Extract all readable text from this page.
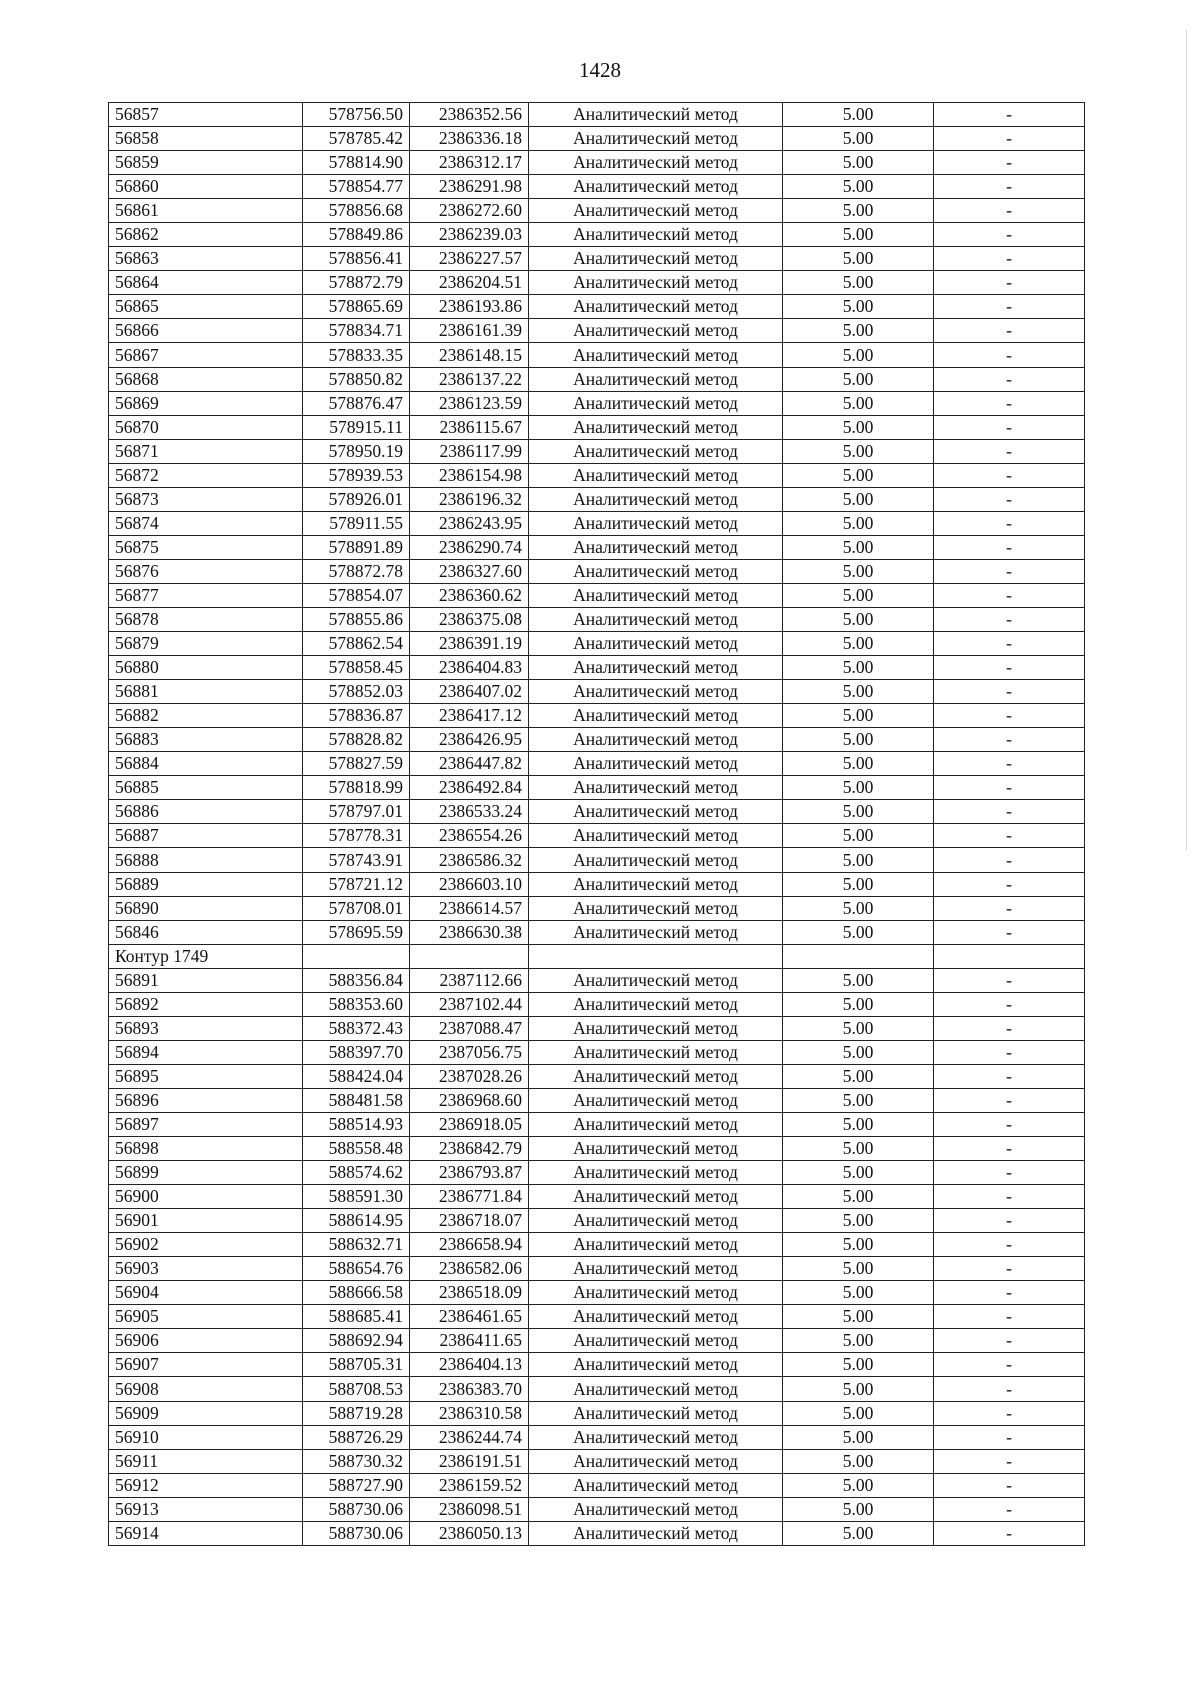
1428
56857	578756.50	2386352.56	Аналитический метод	5.00	-
56858	578785.42	2386336.18	Аналитический метод	5.00	-
56859	578814.90	2386312.17	Аналитический метод	5.00	-
56860	578854.77	2386291.98	Аналитический метод	5.00	-
56861	578856.68	2386272.60	Аналитический метод	5.00	-
56862	578849.86	2386239.03	Аналитический метод	5.00	-
56863	578856.41	2386227.57	Аналитический метод	5.00	-
56864	578872.79	2386204.51	Аналитический метод	5.00	-
56865	578865.69	2386193.86	Аналитический метод	5.00	-
56866	578834.71	2386161.39	Аналитический метод	5.00	-
56867	578833.35	2386148.15	Аналитический метод	5.00	-
56868	578850.82	2386137.22	Аналитический метод	5.00	-
56869	578876.47	2386123.59	Аналитический метод	5.00	-
56870	578915.11	2386115.67	Аналитический метод	5.00	-
56871	578950.19	2386117.99	Аналитический метод	5.00	-
56872	578939.53	2386154.98	Аналитический метод	5.00	-
56873	578926.01	2386196.32	Аналитический метод	5.00	-
56874	578911.55	2386243.95	Аналитический метод	5.00	-
56875	578891.89	2386290.74	Аналитический метод	5.00	-
56876	578872.78	2386327.60	Аналитический метод	5.00	-
56877	578854.07	2386360.62	Аналитический метод	5.00	-
56878	578855.86	2386375.08	Аналитический метод	5.00	-
56879	578862.54	2386391.19	Аналитический метод	5.00	-
56880	578858.45	2386404.83	Аналитический метод	5.00	-
56881	578852.03	2386407.02	Аналитический метод	5.00	-
56882	578836.87	2386417.12	Аналитический метод	5.00	-
56883	578828.82	2386426.95	Аналитический метод	5.00	-
56884	578827.59	2386447.82	Аналитический метод	5.00	-
56885	578818.99	2386492.84	Аналитический метод	5.00	-
56886	578797.01	2386533.24	Аналитический метод	5.00	-
56887	578778.31	2386554.26	Аналитический метод	5.00	-
56888	578743.91	2386586.32	Аналитический метод	5.00	-
56889	578721.12	2386603.10	Аналитический метод	5.00	-
56890	578708.01	2386614.57	Аналитический метод	5.00	-
56846	578695.59	2386630.38	Аналитический метод	5.00	-
Контур 1749					
56891	588356.84	2387112.66	Аналитический метод	5.00	-
56892	588353.60	2387102.44	Аналитический метод	5.00	-
56893	588372.43	2387088.47	Аналитический метод	5.00	-
56894	588397.70	2387056.75	Аналитический метод	5.00	-
56895	588424.04	2387028.26	Аналитический метод	5.00	-
56896	588481.58	2386968.60	Аналитический метод	5.00	-
56897	588514.93	2386918.05	Аналитический метод	5.00	-
56898	588558.48	2386842.79	Аналитический метод	5.00	-
56899	588574.62	2386793.87	Аналитический метод	5.00	-
56900	588591.30	2386771.84	Аналитический метод	5.00	-
56901	588614.95	2386718.07	Аналитический метод	5.00	-
56902	588632.71	2386658.94	Аналитический метод	5.00	-
56903	588654.76	2386582.06	Аналитический метод	5.00	-
56904	588666.58	2386518.09	Аналитический метод	5.00	-
56905	588685.41	2386461.65	Аналитический метод	5.00	-
56906	588692.94	2386411.65	Аналитический метод	5.00	-
56907	588705.31	2386404.13	Аналитический метод	5.00	-
56908	588708.53	2386383.70	Аналитический метод	5.00	-
56909	588719.28	2386310.58	Аналитический метод	5.00	-
56910	588726.29	2386244.74	Аналитический метод	5.00	-
56911	588730.32	2386191.51	Аналитический метод	5.00	-
56912	588727.90	2386159.52	Аналитический метод	5.00	-
56913	588730.06	2386098.51	Аналитический метод	5.00	-
56914	588730.06	2386050.13	Аналитический метод	5.00	-
